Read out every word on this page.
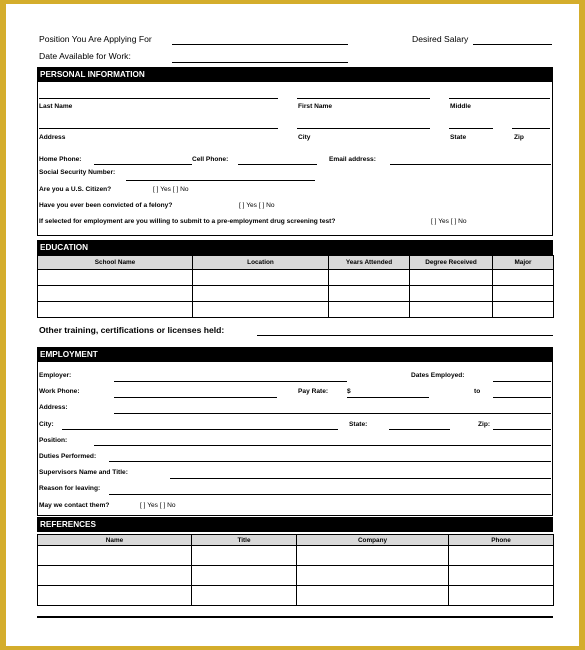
Position You Are Applying For	Desired Salary
Date Available for Work:
PERSONAL INFORMATION
Last Name	First Name	Middle
Address	City	State	Zip
Home Phone:	Cell Phone:	Email address:
Social Security Number:
Are you a U.S. Citizen?	[ ] Yes [ ] No
Have you ever been convicted of a felony?	[ ] Yes [ ] No
If selected for employment are you willing to submit to a pre-employment drug screening test?	[ ] Yes [ ] No
EDUCATION
School Name	Location	Years Attended	Degree Received	Major

Other training, certifications or licenses held:
EMPLOYMENT
Employer:	Dates Employed:
Work Phone:	Pay Rate:	$	to
Address:
City:	State:	Zip:
Position:
Duties Performed:
Supervisors Name and Title:
Reason for leaving:
May we contact them?	[ ] Yes [ ] No
REFERENCES
Name	Title	Company	Phone
